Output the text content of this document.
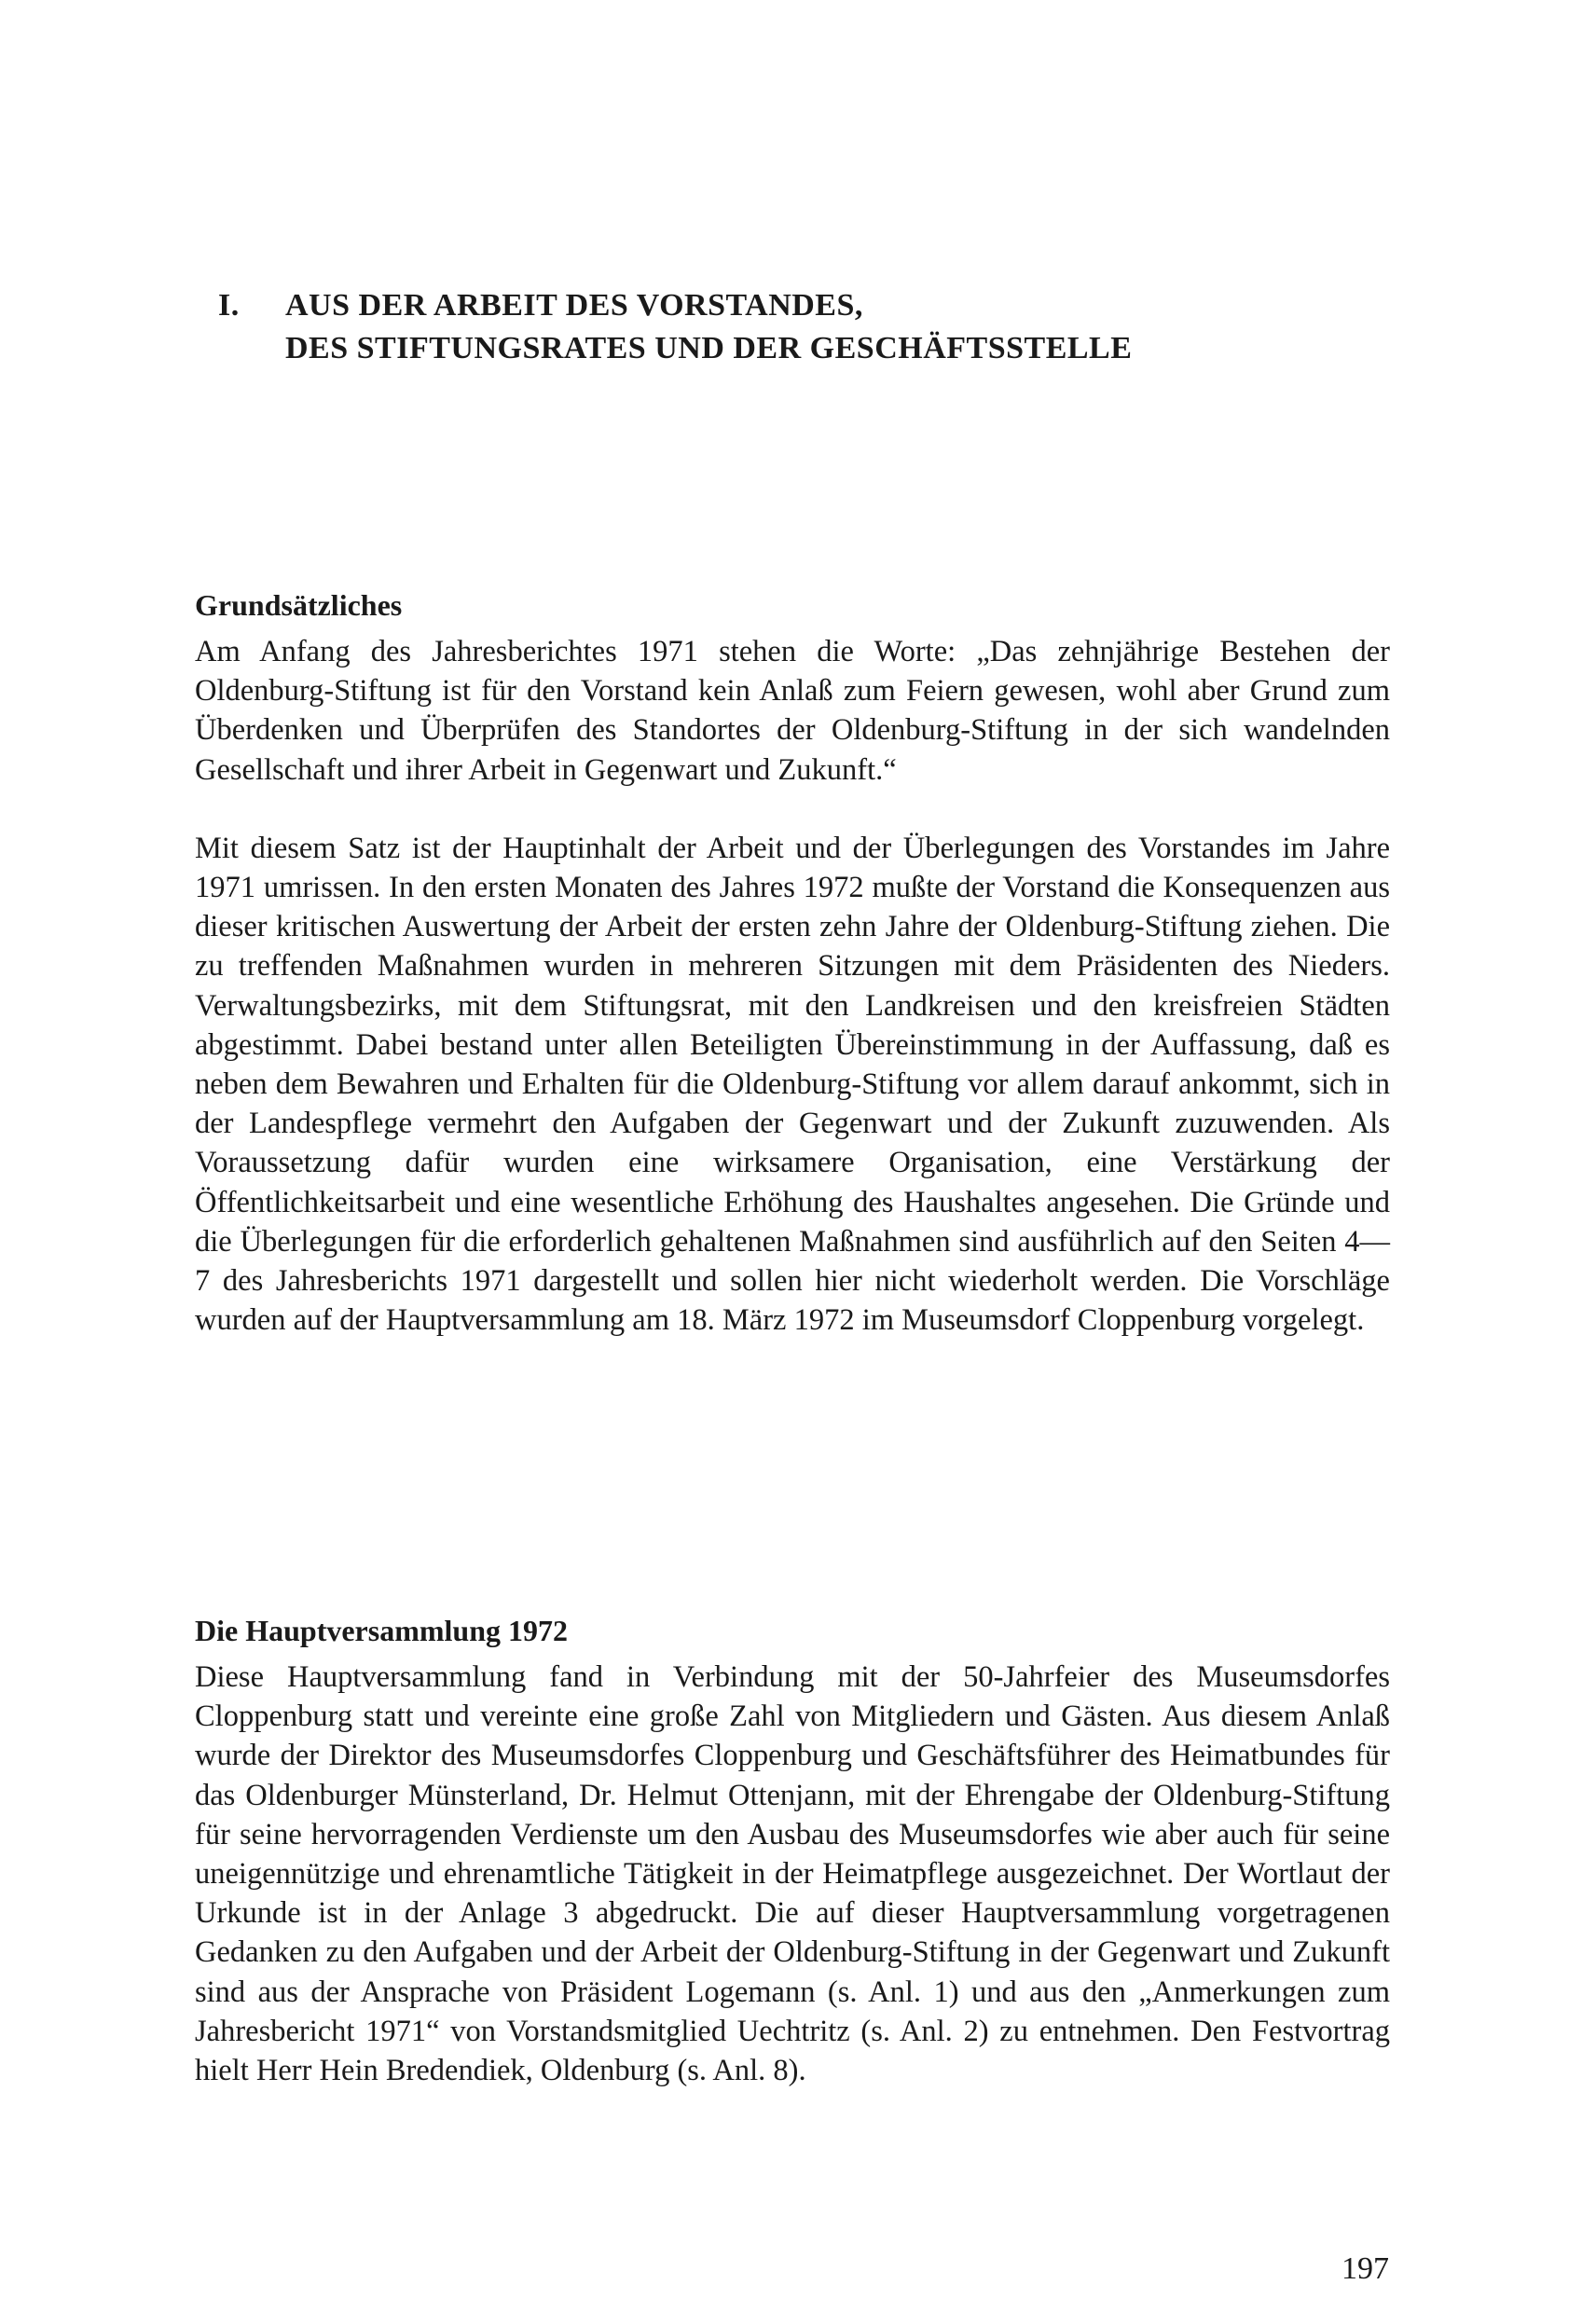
I. AUS DER ARBEIT DES VORSTANDES,
DES STIFTUNGSRATES UND DER GESCHÄFTSSTELLE
Grundsätzliches

Am Anfang des Jahresberichtes 1971 stehen die Worte: „Das zehnjährige Bestehen der Oldenburg-Stiftung ist für den Vorstand kein Anlaß zum Feiern gewesen, wohl aber Grund zum Überdenken und Überprüfen des Standortes der Oldenburg-Stiftung in der sich wandelnden Gesellschaft und ihrer Arbeit in Gegenwart und Zukunft.“

Mit diesem Satz ist der Hauptinhalt der Arbeit und der Überlegungen des Vorstandes im Jahre 1971 umrissen. In den ersten Monaten des Jahres 1972 mußte der Vorstand die Konsequenzen aus dieser kritischen Auswertung der Arbeit der ersten zehn Jahre der Oldenburg-Stiftung ziehen. Die zu treffenden Maßnahmen wurden in mehreren Sitzungen mit dem Präsidenten des Nieders. Verwaltungsbezirks, mit dem Stiftungsrat, mit den Landkreisen und den kreisfreien Städten abgestimmt. Dabei bestand unter allen Beteiligten Übereinstimmung in der Auffassung, daß es neben dem Bewahren und Erhalten für die Oldenburg-Stiftung vor allem darauf ankommt, sich in der Landespflege vermehrt den Aufgaben der Gegenwart und der Zukunft zuzuwenden. Als Voraussetzung dafür wurden eine wirksamere Organisation, eine Verstärkung der Öffentlichkeitsarbeit und eine wesentliche Erhöhung des Haushaltes angesehen. Die Gründe und die Überlegungen für die erforderlich gehaltenen Maßnahmen sind ausführlich auf den Seiten 4—7 des Jahresberichts 1971 dargestellt und sollen hier nicht wiederholt werden. Die Vorschläge wurden auf der Hauptversammlung am 18. März 1972 im Museumsdorf Cloppenburg vorgelegt.

Die Hauptversammlung 1972

Diese Hauptversammlung fand in Verbindung mit der 50-Jahrfeier des Museumsdorfes Cloppenburg statt und vereinte eine große Zahl von Mitgliedern und Gästen. Aus diesem Anlaß wurde der Direktor des Museumsdorfes Cloppenburg und Geschäftsführer des Heimatbundes für das Oldenburger Münsterland, Dr. Helmut Ottenjann, mit der Ehrengabe der Oldenburg-Stiftung für seine hervorragenden Verdienste um den Ausbau des Museumsdorfes wie aber auch für seine uneigennützige und ehrenamtliche Tätigkeit in der Heimatpflege ausgezeichnet. Der Wortlaut der Urkunde ist in der Anlage 3 abgedruckt. Die auf dieser Hauptversammlung vorgetragenen Gedanken zu den Aufgaben und der Arbeit der Oldenburg-Stiftung in der Gegenwart und Zukunft sind aus der Ansprache von Präsident Logemann (s. Anl. 1) und aus den „Anmerkungen zum Jahresbericht 1971“ von Vorstandsmitglied Uechtritz (s. Anl. 2) zu entnehmen. Den Festvortrag hielt Herr Hein Bredendiek, Oldenburg (s. Anl. 8).

197
